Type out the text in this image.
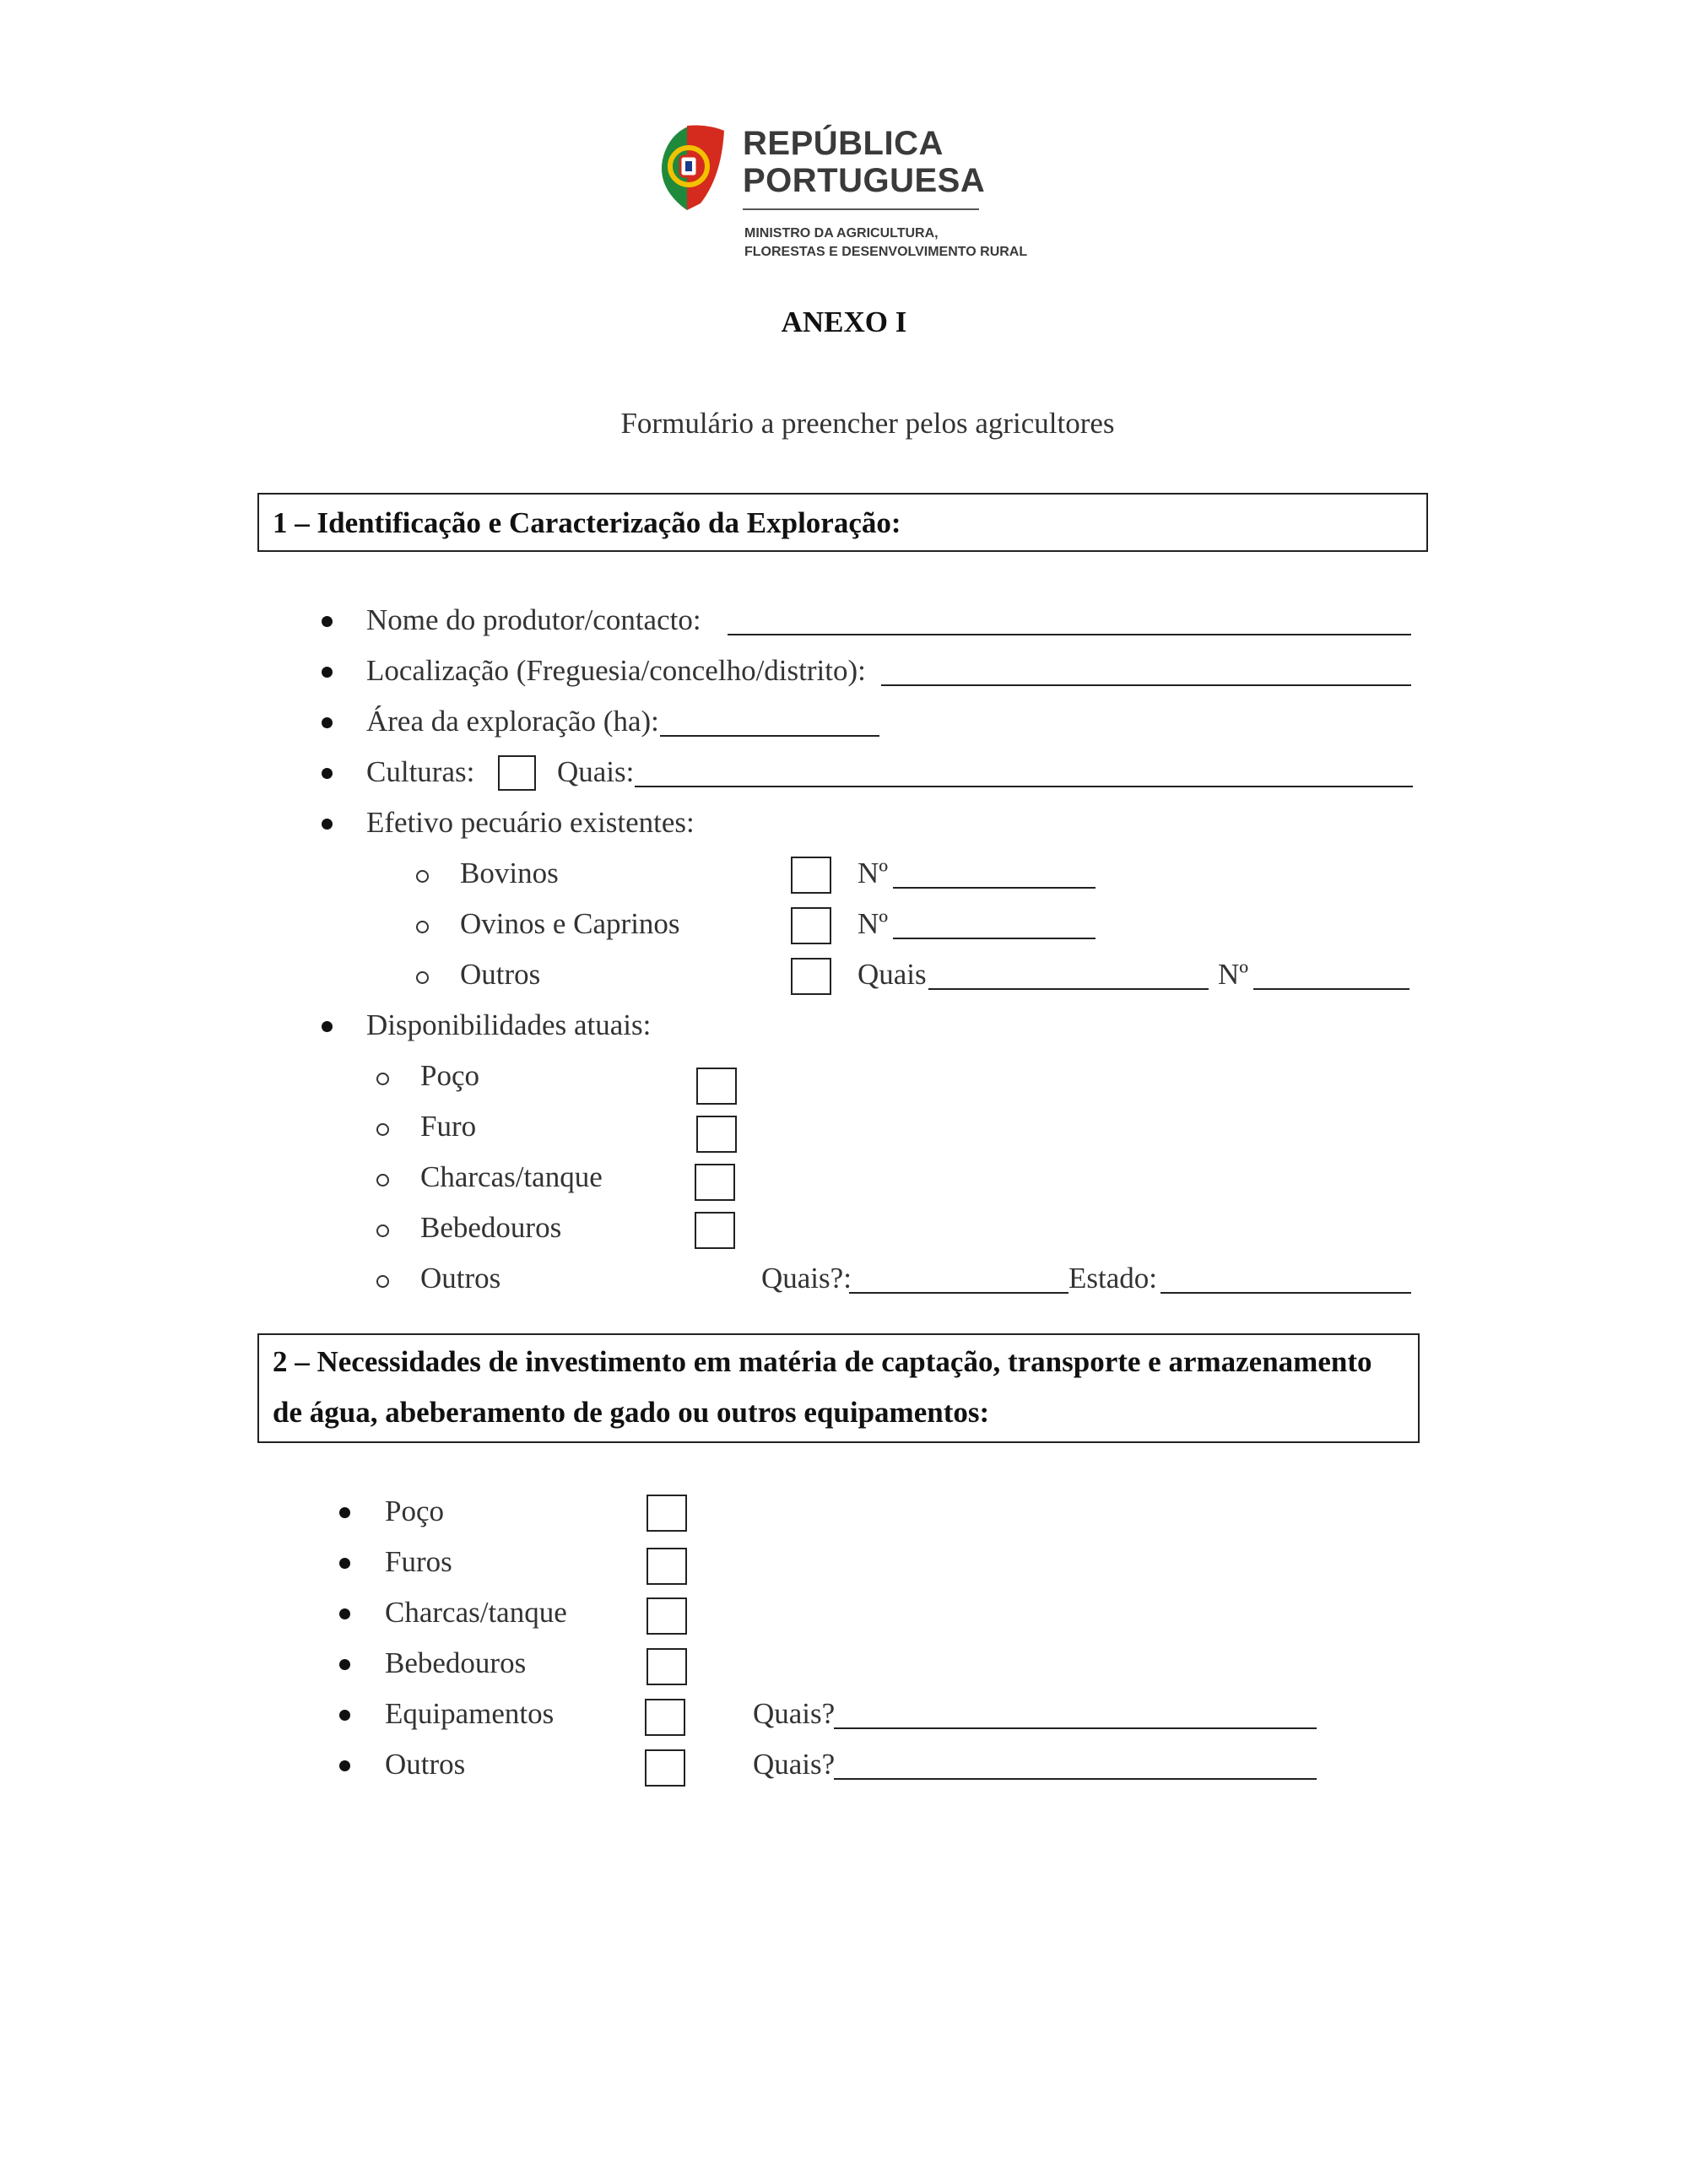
REPÚBLICA
PORTUGUESA
MINISTRO DA AGRICULTURA,
FLORESTAS E DESENVOLVIMENTO RURAL
ANEXO I
Formulário a preencher pelos agricultores
1 – Identificação e Caracterização da Exploração:
Nome do produtor/contacto:
Localização (Freguesia/concelho/distrito):
Área da exploração (ha):
Culturas:	Quais:
Efetivo pecuário existentes:
Bovinos	Nº
Ovinos e Caprinos	Nº
Outros	Quais	Nº
Disponibilidades atuais:
Poço
Furo
Charcas/tanque
Bebedouros
Outros	Quais?:	Estado:
2 – Necessidades de investimento em matéria de captação, transporte e armazenamento
de água, abeberamento de gado ou outros equipamentos:
Poço
Furos
Charcas/tanque
Bebedouros
Equipamentos	Quais?
Outros	Quais?
